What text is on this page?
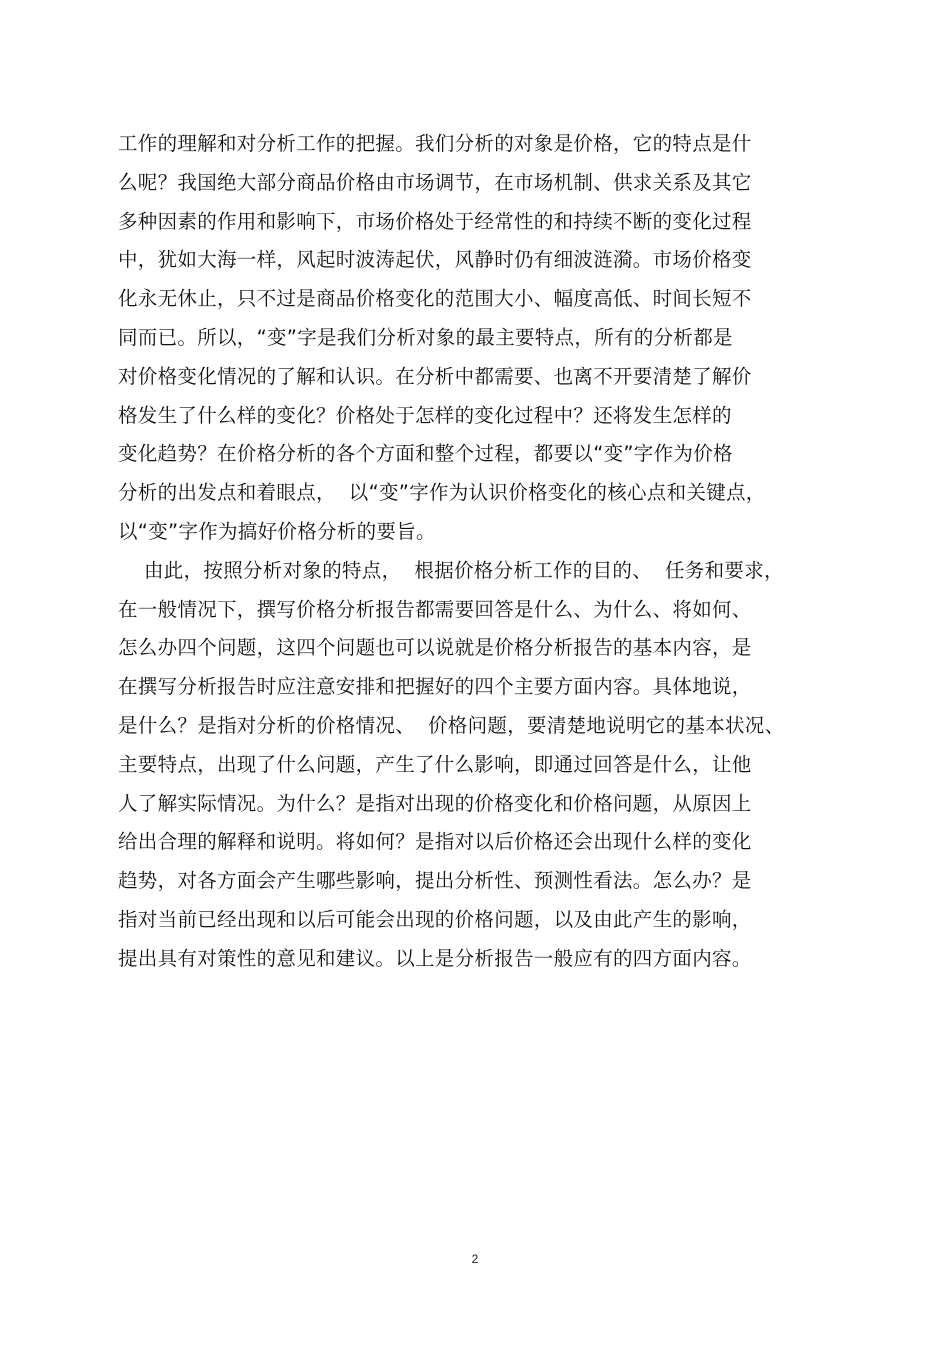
工作的理解和对分析工作的把握。我们分析的对象是价格，它的特点是什
么呢？我国绝大部分商品价格由市场调节，在市场机制、供求关系及其它
多种因素的作用和影响下，市场价格处于经常性的和持续不断的变化过程
中，犹如大海一样，风起时波涛起伏，风静时仍有细波涟漪。市场价格变
化永无休止，只不过是商品价格变化的范围大小、幅度高低、时间长短不
同而已。所以，“变”字是我们分析对象的最主要特点，所有的分析都是
对价格变化情况的了解和认识。在分析中都需要、也离不开要清楚了解价
格发生了什么样的变化？价格处于怎样的变化过程中？还将发生怎样的
变化趋势？在价格分析的各个方面和整个过程，都要以“变”字作为价格
分析的出发点和着眼点，  以“变”字作为认识价格变化的核心点和关键点，
以“变”字作为搞好价格分析的要旨。
由此，按照分析对象的特点，  根据价格分析工作的目的、  任务和要求，
在一般情况下，撰写价格分析报告都需要回答是什么、为什么、将如何、
怎么办四个问题，这四个问题也可以说就是价格分析报告的基本内容，是
在撰写分析报告时应注意安排和把握好的四个主要方面内容。具体地说，
是什么？是指对分析的价格情况、  价格问题，要清楚地说明它的基本状况、
主要特点，出现了什么问题，产生了什么影响，即通过回答是什么，让他
人了解实际情况。为什么？是指对出现的价格变化和价格问题，从原因上
给出合理的解释和说明。将如何？是指对以后价格还会出现什么样的变化
趋势，对各方面会产生哪些影响，提出分析性、预测性看法。怎么办？是
指对当前已经出现和以后可能会出现的价格问题，以及由此产生的影响，
提出具有对策性的意见和建议。以上是分析报告一般应有的四方面内容。
2
